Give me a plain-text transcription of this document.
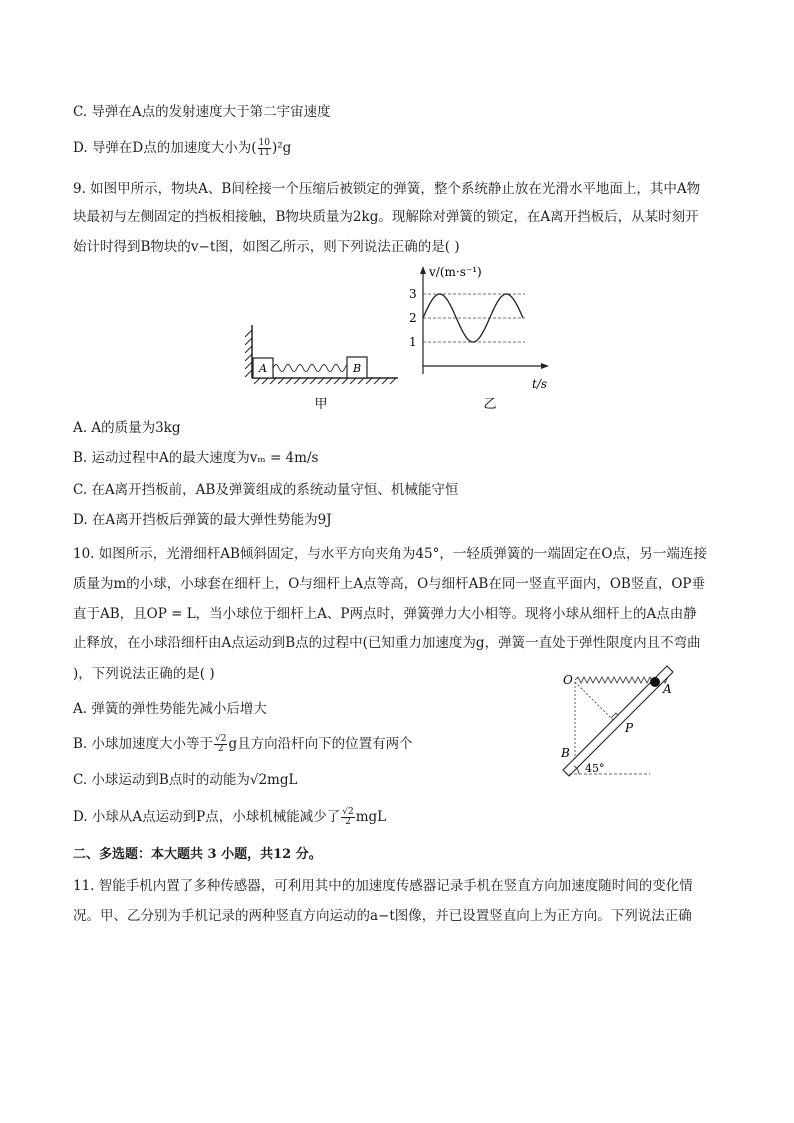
C. 导弹在A点的发射速度大于第二宇宙速度
D. 导弹在D点的加速度大小为( $\frac{10}{11} )^2g$
9. 如图甲所示，物块A、B间栓接一个压缩后被锁定的弹簧，整个系统静止放在光滑水平地面上，其中A物
块最初与左侧固定的挡板相接触，B物块质量为2kg。现解除对弹簧的锁定，在A离开挡板后，从某时刻开
始计时得到B物块的v−t图，如图乙所示，则下列说法正确的是( )
A	B
甲
v/(m·s⁻¹)
t/s
3
2
1
乙
A. A的质量为3kg
B. 运动过程中A的最大速度为vₘ = 4m/s
C. 在A离开挡板前，AB及弹簧组成的系统动量守恒、机械能守恒
D. 在A离开挡板后弹簧的最大弹性势能为9J
10. 如图所示，光滑细杆AB倾斜固定，与水平方向夹角为45°，一轻质弹簧的一端固定在O点，另一端连接
质量为m的小球，小球套在细杆上，O与细杆上A点等高，O与细杆AB在同一竖直平面内，OB竖直，OP垂
直于AB，且OP = L，当小球位于细杆上A、P两点时，弹簧弹力大小相等。现将小球从细杆上的A点由静
止释放，在小球沿细杆由A点运动到B点的过程中(已知重力加速度为g，弹簧一直处于弹性限度内且不弯曲
)，下列说法正确的是( )	O
A
P
B
45°
A. 弹簧的弹性势能先减小后增大
B. 小球加速度大小等于 $\frac{√2}{2}$ g且方向沿杆向下的位置有两个
C. 小球运动到B点时的动能为√2mgL
D. 小球从A点运动到P点，小球机械能减少了 $\frac{√2}{2}$ mgL
二、多选题：本大题共 3 小题，共12 分。
11. 智能手机内置了多种传感器，可利用其中的加速度传感器记录手机在竖直方向加速度随时间的变化情
况。甲、乙分别为手机记录的两种竖直方向运动的a−t图像，并已设置竖直向上为正方向。下列说法正确
